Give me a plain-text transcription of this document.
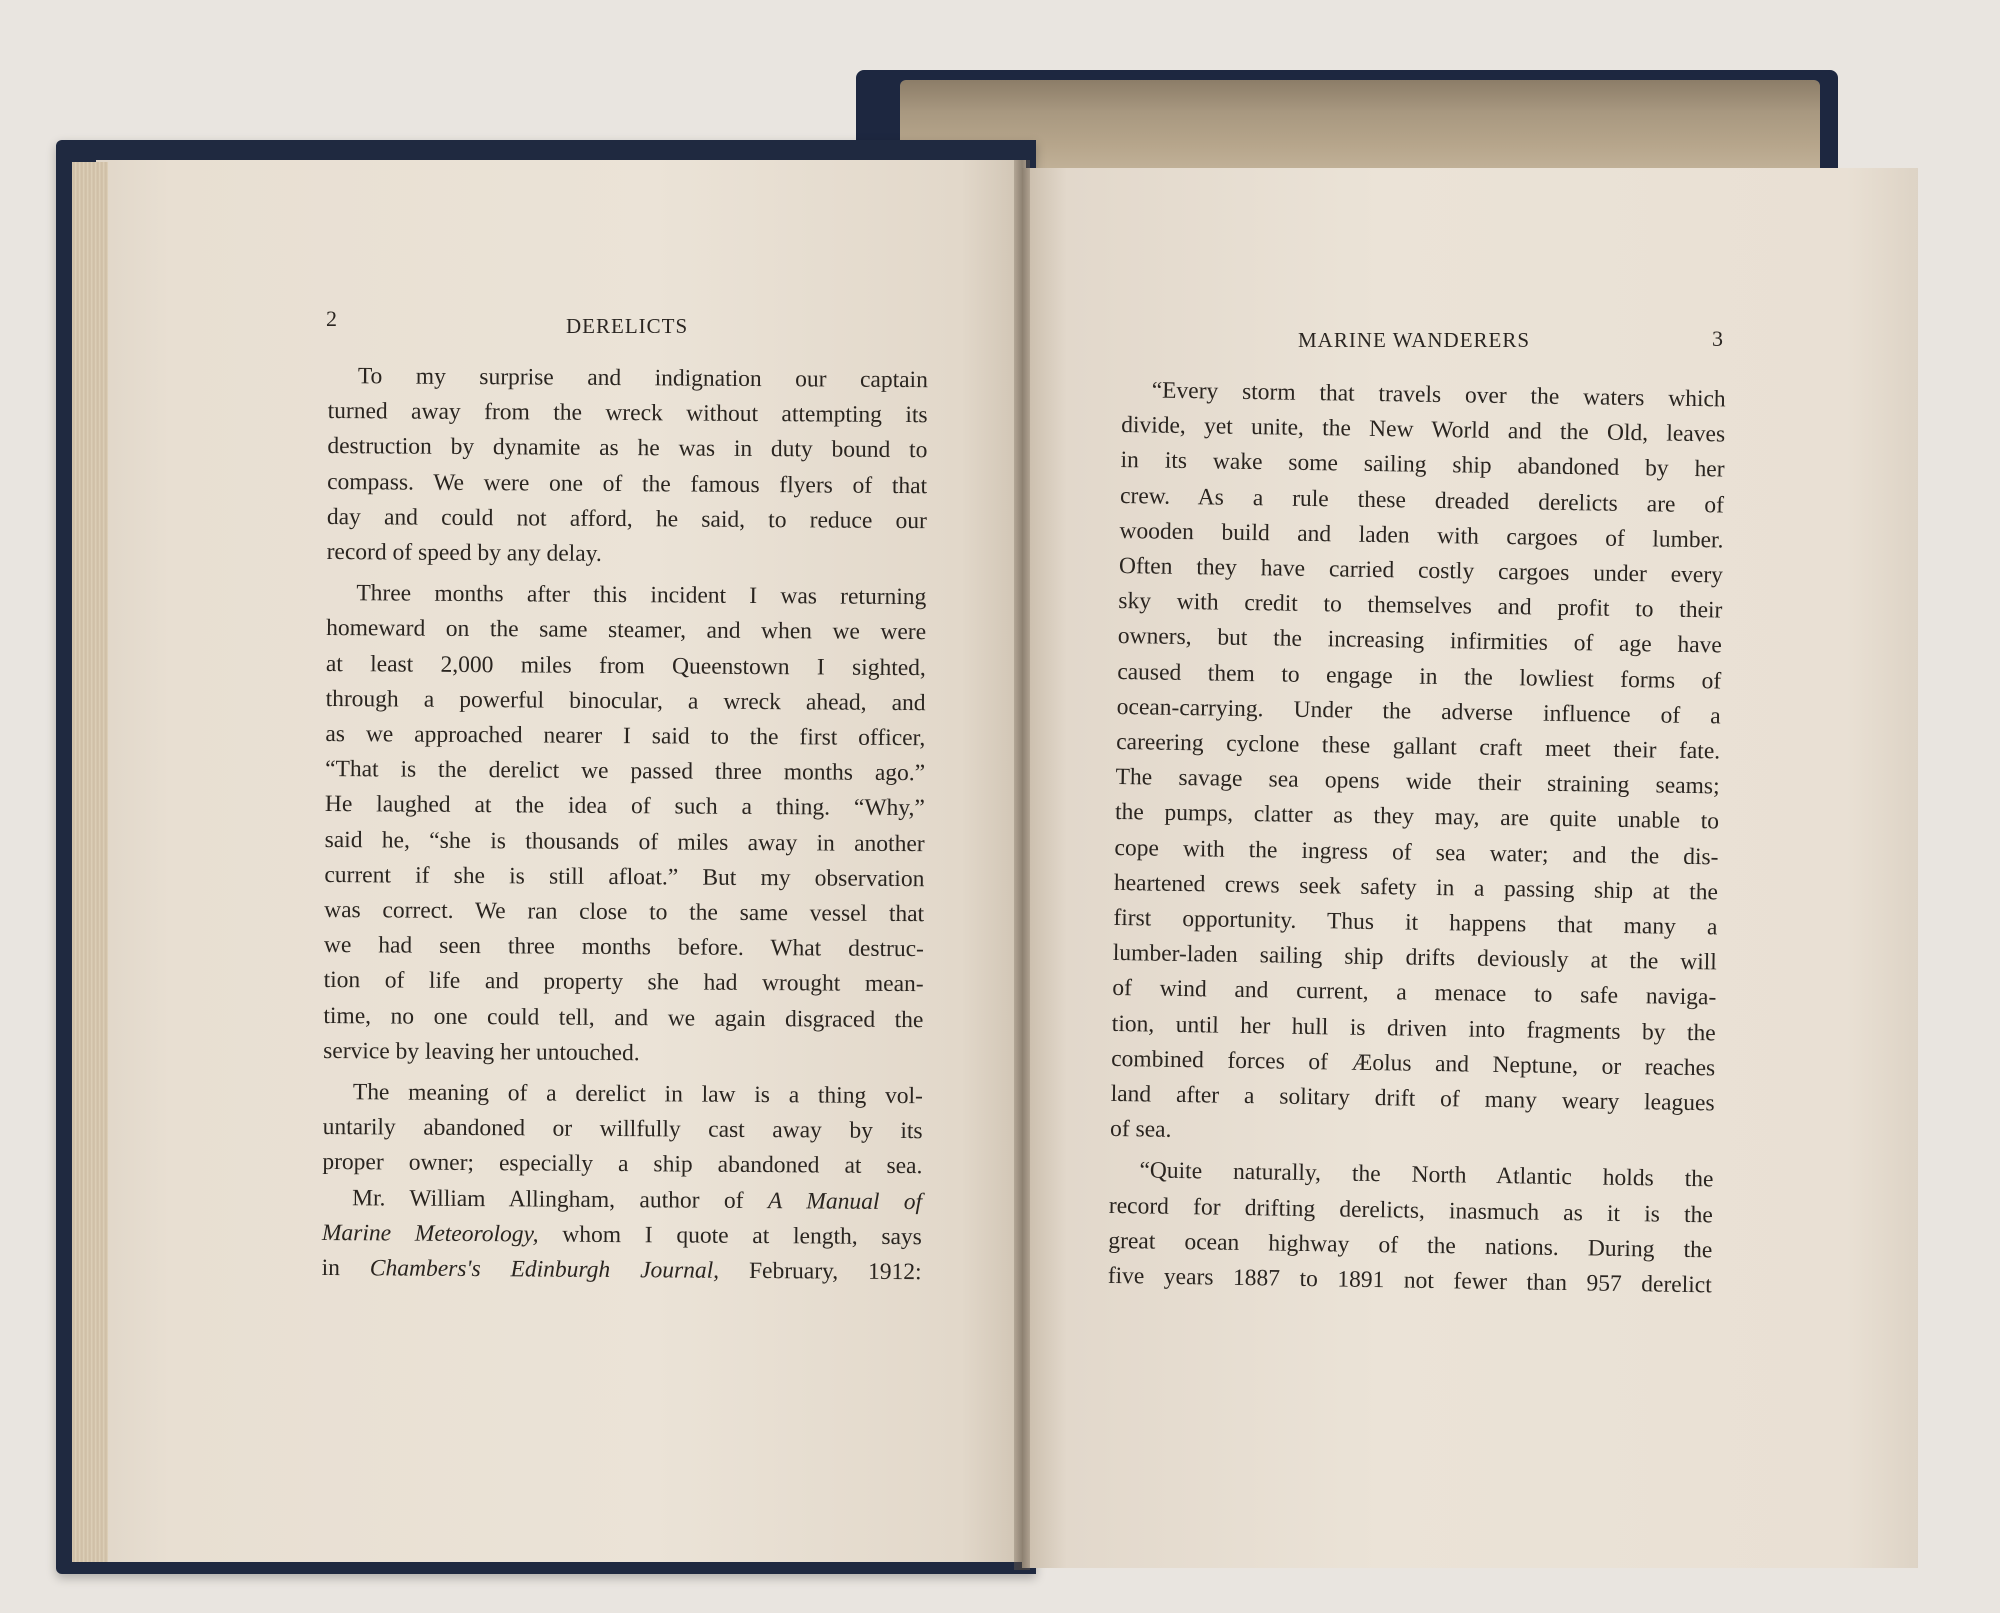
2	DERELICTS
MARINE WANDERERS	3
To my surprise and indignation our captain
turned away from the wreck without attempting its
destruction by dynamite as he was in duty bound to
compass. We were one of the famous flyers of that
day and could not afford, he said, to reduce our
record of speed by any delay.
Three months after this incident I was returning
homeward on the same steamer, and when we were
at least 2,000 miles from Queenstown I sighted,
through a powerful binocular, a wreck ahead, and
as we approached nearer I said to the first officer,
“That is the derelict we passed three months ago.”
He laughed at the idea of such a thing. “Why,”
said he, “she is thousands of miles away in another
current if she is still afloat.” But my observation
was correct. We ran close to the same vessel that
we had seen three months before. What destruc-
tion of life and property she had wrought mean-
time, no one could tell, and we again disgraced the
service by leaving her untouched.
The meaning of a derelict in law is a thing vol-
untarily abandoned or willfully cast away by its
proper owner; especially a ship abandoned at sea.
Mr. William Allingham, author of A Manual of
Marine Meteorology, whom I quote at length, says
in Chambers's Edinburgh Journal, February, 1912:
“Every storm that travels over the waters which
divide, yet unite, the New World and the Old, leaves
in its wake some sailing ship abandoned by her
crew. As a rule these dreaded derelicts are of
wooden build and laden with cargoes of lumber.
Often they have carried costly cargoes under every
sky with credit to themselves and profit to their
owners, but the increasing infirmities of age have
caused them to engage in the lowliest forms of
ocean-carrying. Under the adverse influence of a
careering cyclone these gallant craft meet their fate.
The savage sea opens wide their straining seams;
the pumps, clatter as they may, are quite unable to
cope with the ingress of sea water; and the dis-
heartened crews seek safety in a passing ship at the
first opportunity. Thus it happens that many a
lumber-laden sailing ship drifts deviously at the will
of wind and current, a menace to safe naviga-
tion, until her hull is driven into fragments by the
combined forces of Æolus and Neptune, or reaches
land after a solitary drift of many weary leagues
of sea.
“Quite naturally, the North Atlantic holds the
record for drifting derelicts, inasmuch as it is the
great ocean highway of the nations. During the
five years 1887 to 1891 not fewer than 957 derelict
